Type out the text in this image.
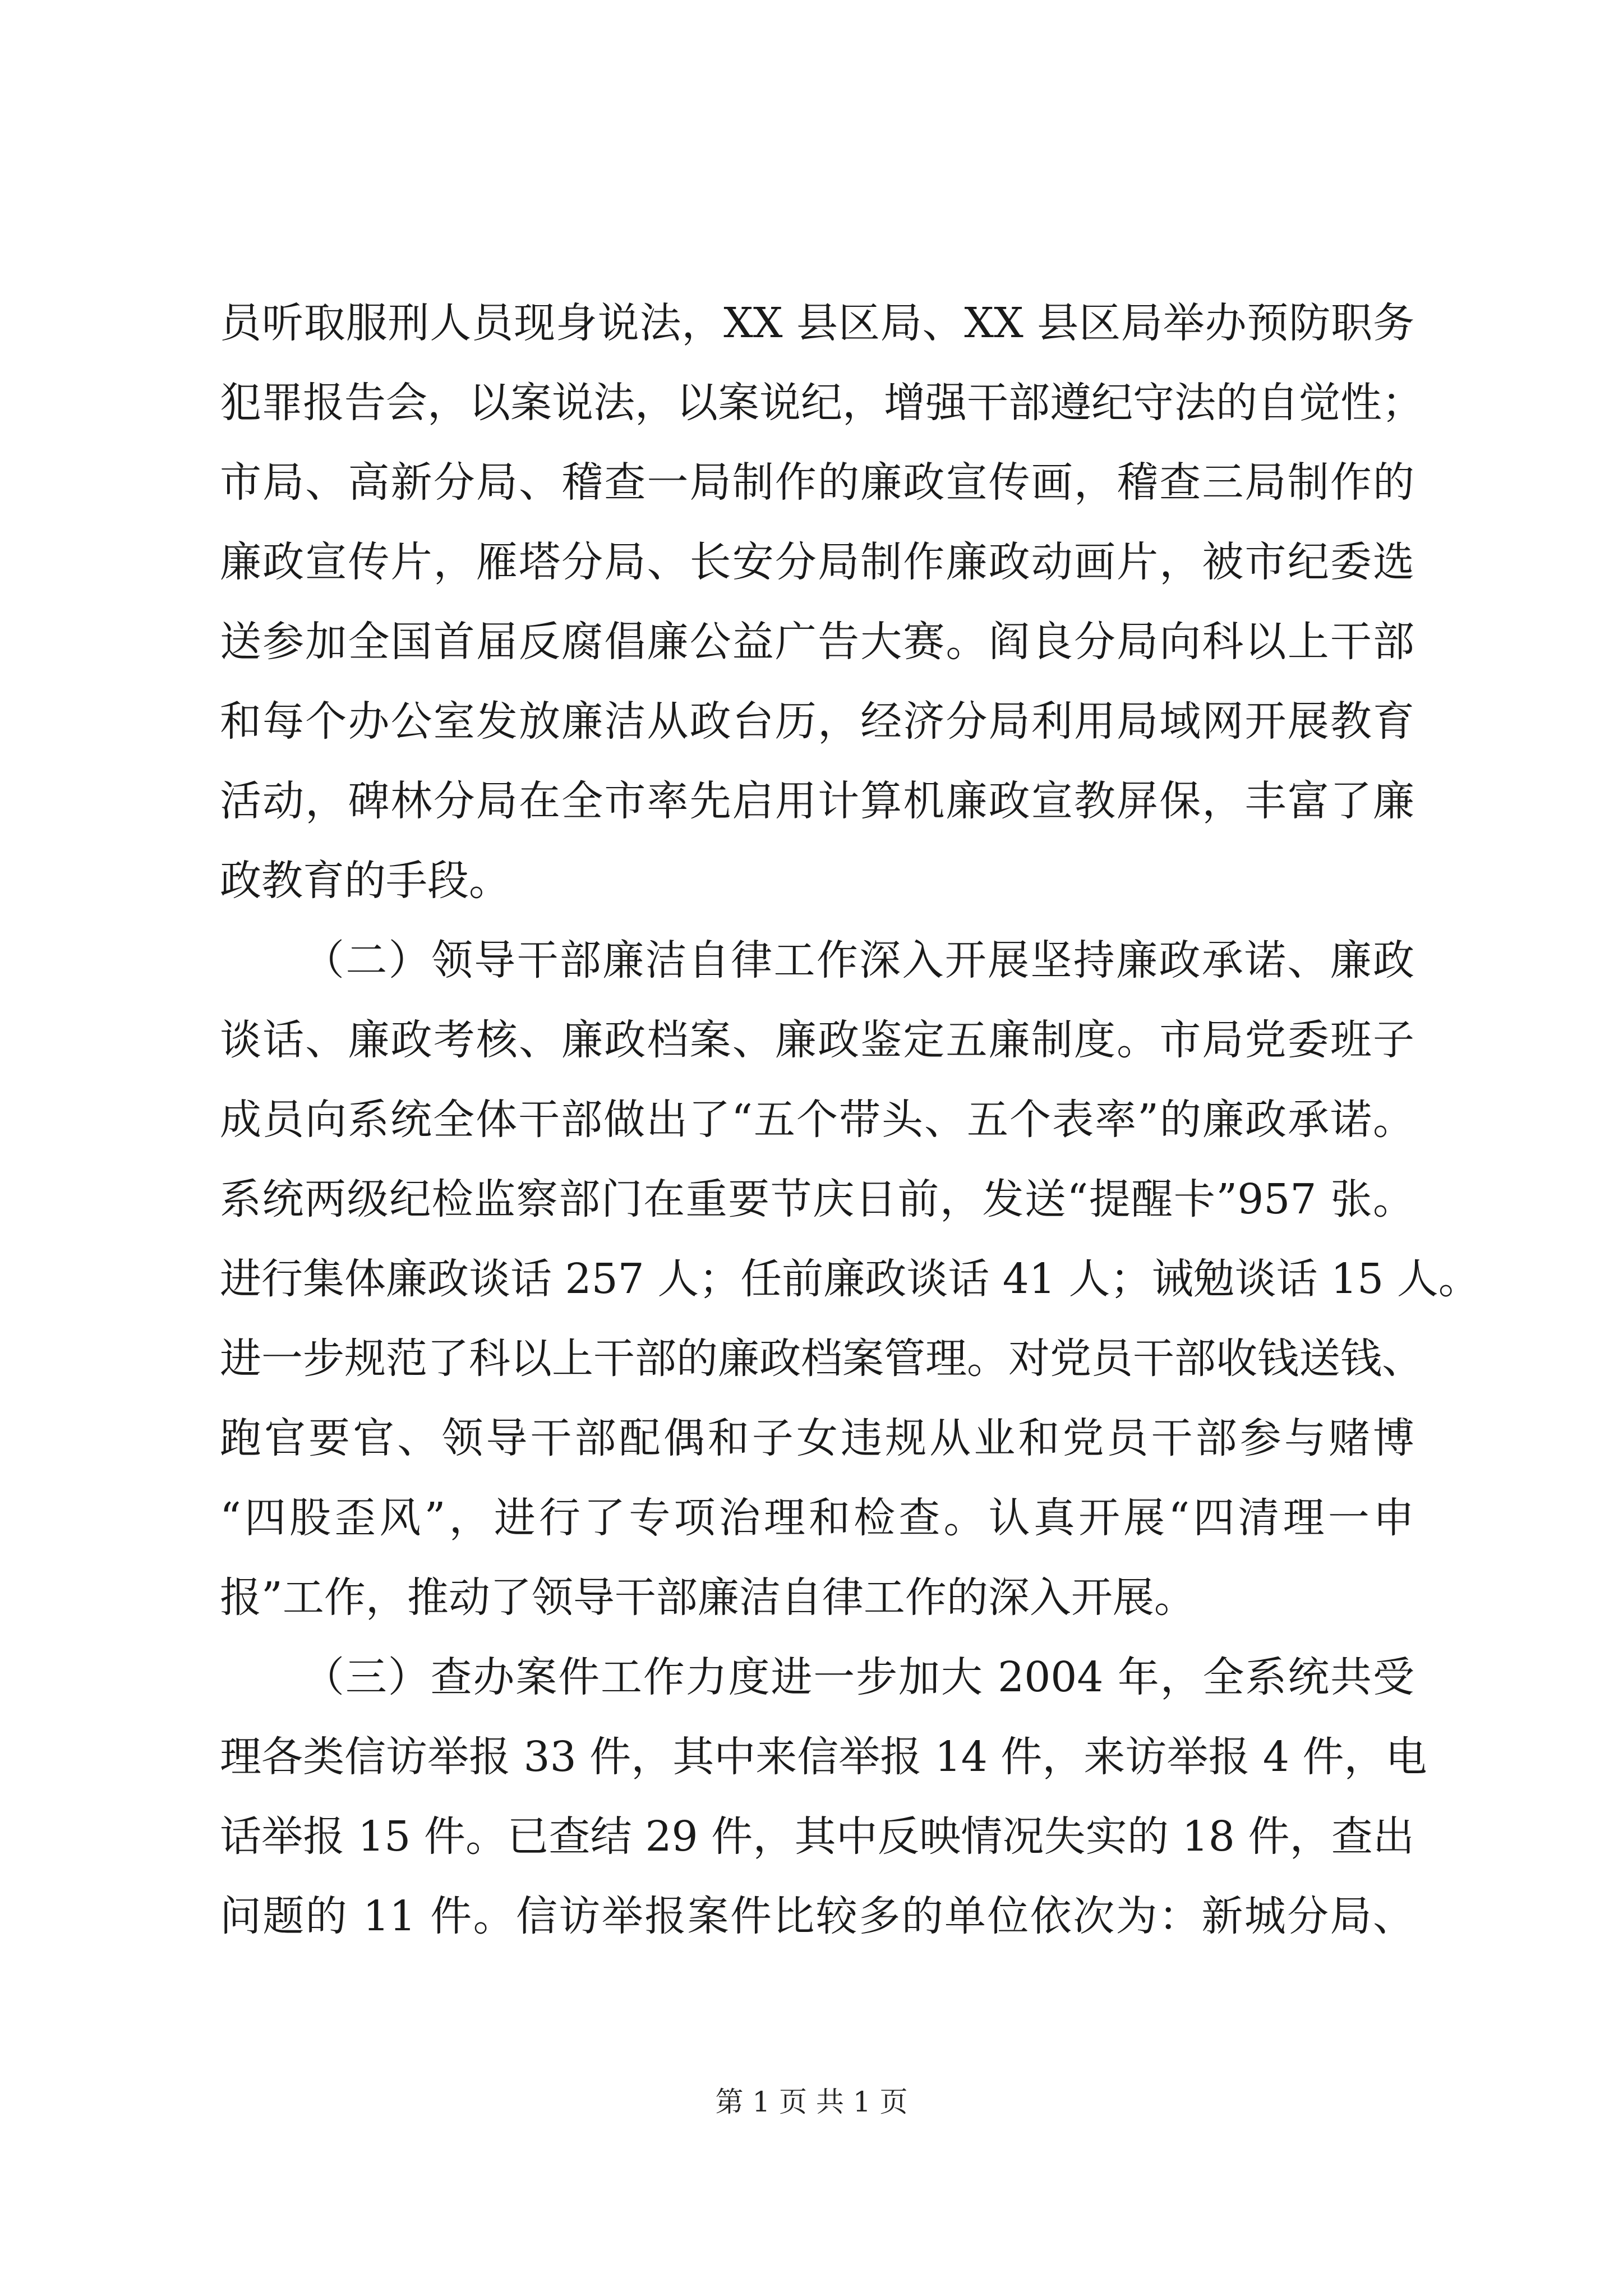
员听取服刑人员现身说法，XX 县区局、XX 县区局举办预防职务
犯罪报告会，以案说法，以案说纪，增强干部遵纪守法的自觉性；
市局、高新分局、稽查一局制作的廉政宣传画，稽查三局制作的
廉政宣传片，雁塔分局、长安分局制作廉政动画片，被市纪委选
送参加全国首届反腐倡廉公益广告大赛。阎良分局向科以上干部
和每个办公室发放廉洁从政台历，经济分局利用局域网开展教育
活动，碑林分局在全市率先启用计算机廉政宣教屏保，丰富了廉
政教育的手段。
（二）领导干部廉洁自律工作深入开展坚持廉政承诺、廉政
谈话、廉政考核、廉政档案、廉政鉴定五廉制度。市局党委班子
成员向系统全体干部做出了“五个带头、五个表率”的廉政承诺。
系统两级纪检监察部门在重要节庆日前，发送“提醒卡”957 张。
进行集体廉政谈话 257 人；任前廉政谈话 41 人；诫勉谈话 15 人。
进一步规范了科以上干部的廉政档案管理。对党员干部收钱送钱、
跑官要官、领导干部配偶和子女违规从业和党员干部参与赌博
“四股歪风”，进行了专项治理和检查。认真开展“四清理一申
报”工作，推动了领导干部廉洁自律工作的深入开展。
（三）查办案件工作力度进一步加大 2004 年，全系统共受
理各类信访举报 33 件，其中来信举报 14 件，来访举报 4 件，电
话举报 15 件。已查结 29 件，其中反映情况失实的 18 件，查出
问题的 11 件。信访举报案件比较多的单位依次为：新城分局、
第 1 页 共 1 页
